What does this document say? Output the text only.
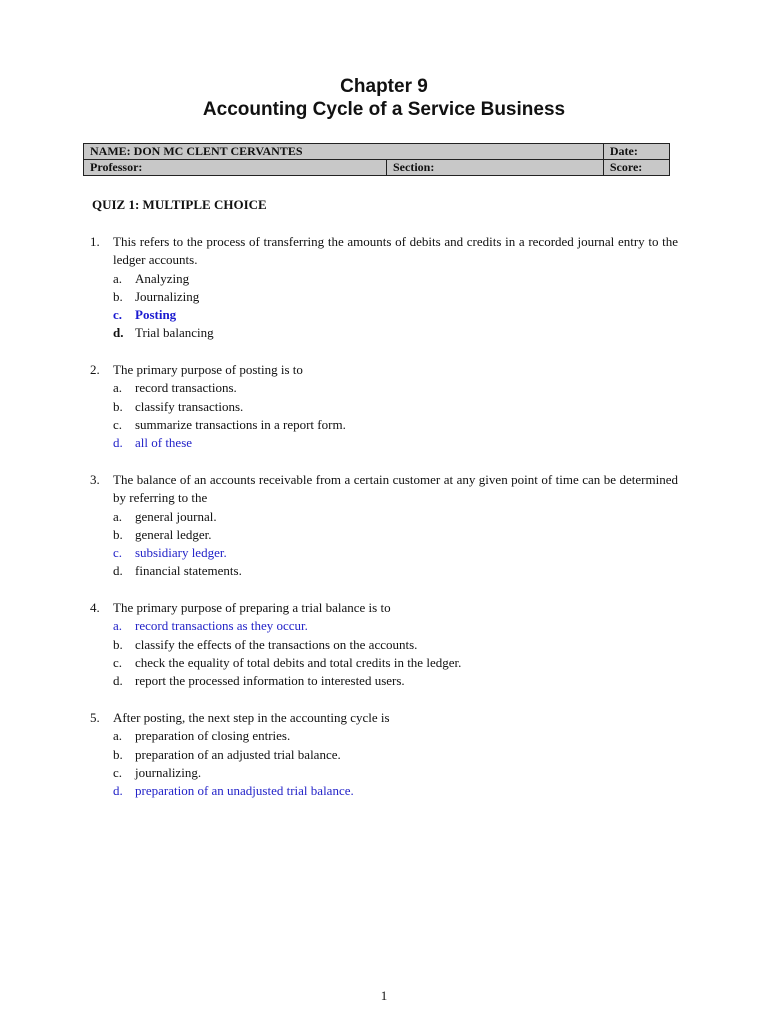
Chapter 9
Accounting Cycle of a Service Business
NAME: DON MC CLENT CERVANTES		Date:
Professor:	Section:	Score:
QUIZ 1: MULTIPLE CHOICE
1.	This refers to the process of transferring the amounts of debits and credits in a recorded journal entry to the ledger accounts.
a. Analyzing
b. Journalizing
c. Posting
d. Trial balancing
2.	The primary purpose of posting is to
a. record transactions.
b. classify transactions.
c. summarize transactions in a report form.
d. all of these
3.	The balance of an accounts receivable from a certain customer at any given point of time can be determined by referring to the
a. general journal.
b. general ledger.
c. subsidiary ledger.
d. financial statements.
4.	The primary purpose of preparing a trial balance is to
a. record transactions as they occur.
b. classify the effects of the transactions on the accounts.
c. check the equality of total debits and total credits in the ledger.
d. report the processed information to interested users.
5.	After posting, the next step in the accounting cycle is
a. preparation of closing entries.
b. preparation of an adjusted trial balance.
c. journalizing.
d. preparation of an unadjusted trial balance.
1
